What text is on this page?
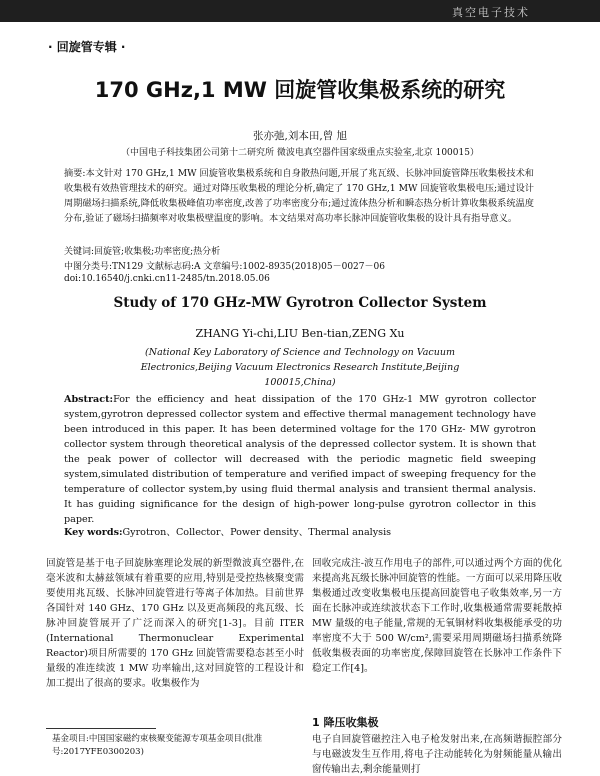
真空电子技术
· 回旋管专辑 ·
170 GHz,1 MW 回旋管收集极系统的研究
张亦弛,刘本田,曾 旭
（中国电子科技集团公司第十二研究所 微波电真空器件国家级重点实验室,北京 100015）
摘要:本文针对 170 GHz,1 MW 回旋管收集极系统和自身散热问题,开展了兆瓦级、长脉冲回旋管降压收集极技术和收集极有效热管理技术的研究。通过对降压收集极的理论分析,确定了 170 GHz,1 MW 回旋管收集极电压;通过设计周期磁场扫描系统,降低收集极峰值功率密度,改善了功率密度分布;通过流体热分析和瞬态热分析计算收集极系统温度分布,验证了磁场扫描频率对收集极壁温度的影响。本文结果对高功率长脉冲回旋管收集极的设计具有指导意义。
关键词:回旋管;收集极;功率密度;热分析
中图分类号:TN129 文献标志码:A 文章编号:1002-8935(2018)05－0027－06
doi:10.16540/j.cnki.cn11-2485/tn.2018.05.06
Study of 170 GHz-MW Gyrotron Collector System
ZHANG Yi-chi,LIU Ben-tian,ZENG Xu
(National Key Laboratory of Science and Technology on Vacuum Electronics,Beijing Vacuum Electronics Research Institute,Beijing 100015,China)
Abstract:For the efficiency and heat dissipation of the 170 GHz-1 MW gyrotron collector system,gyrotron depressed collector system and effective thermal management technology have been introduced in this paper. It has been determined voltage for the 170 GHz- MW gyrotron collector system through theoretical analysis of the depressed collector system. It is shown that the peak power of collector will decreased with the periodic magnetic field sweeping system,simulated distribution of temperature and verified impact of sweeping frequency for the temperature of collector system,by using fluid thermal analysis and transient thermal analysis. It has guiding significance for the design of high-power long-pulse gyrotron collector in this paper.
Key words:Gyrotron、Collector、Power density、Thermal analysis
回旋管是基于电子回旋脉塞理论发展的新型微波真空器件,在毫米波和太赫兹领域有着重要的应用,特别是受控热核聚变需要使用兆瓦级、长脉冲回旋管进行等离子体加热。目前世界各国针对 140 GHz、170 GHz 以及更高频段的兆瓦级、长脉冲回旋管展开了广泛而深入的研究[1-3]。目前 ITER (International Thermonuclear Experimental Reactor)项目所需要的 170 GHz 回旋管需要稳态甚至小时量级的准连续波 1 MW 功率输出,这对回旋管的工程设计和加工提出了很高的要求。收集极作为
回收完成注-波互作用电子的部件,可以通过两个方面的优化来提高兆瓦级长脉冲回旋管的性能。一方面可以采用降压收集极通过改变收集极电压提高回旋管电子收集效率,另一方面在长脉冲或连续波状态下工作时,收集极通常需要耗散掉 MW 量级的电子能量,常规的无氧铜材料收集极能承受的功率密度不大于 500 W/cm²,需要采用周期磁场扫描系统降低收集极表面的功率密度,保障回旋管在长脉冲工作条件下稳定工作[4]。
1 降压收集极
电子自回旋管磁控注入电子枪发射出来,在高频谐振腔部分与电磁波发生互作用,将电子注动能转化为射频能量从输出窗传输出去,剩余能量则打
基金项目:中国国家磁约束核聚变能源专项基金项目(批准号:2017YFE0300203)
